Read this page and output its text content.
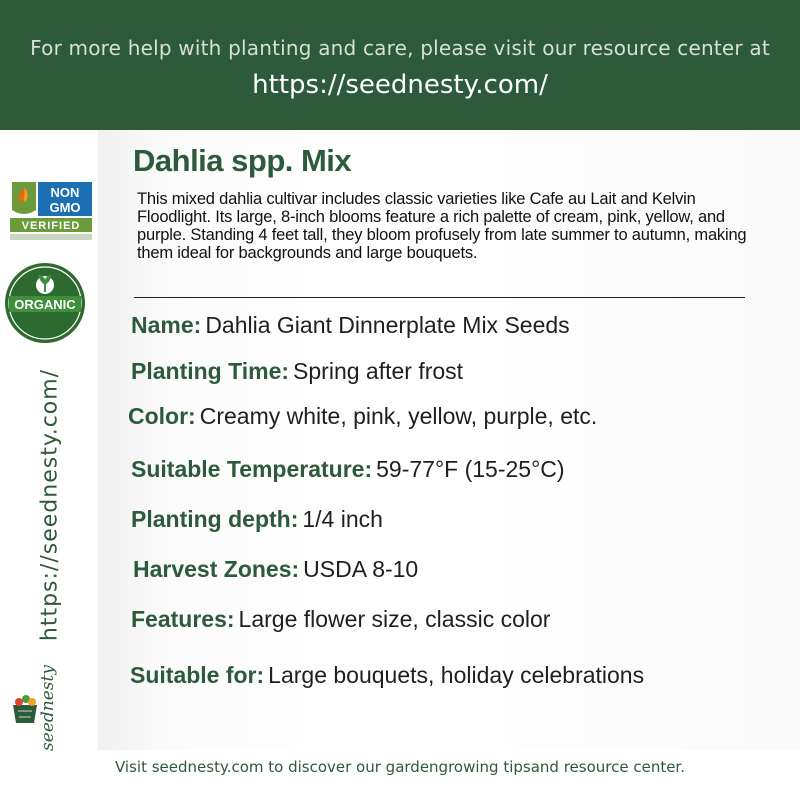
For more help with planting and care, please visit our resource center at
https://seednesty.com/
NON
GMO
VERIFIED
ORGANIC
https://seednesty.com/
seednesty
Dahlia spp. Mix
This mixed dahlia cultivar includes classic varieties like Cafe au Lait and Kelvin Floodlight. Its large, 8-inch blooms feature a rich palette of cream, pink, yellow, and purple. Standing 4 feet tall, they bloom profusely from late summer to autumn, making them ideal for backgrounds and large bouquets.
Name: Dahlia Giant Dinnerplate Mix Seeds
Planting Time: Spring after frost
Color: Creamy white, pink, yellow, purple, etc.
Suitable Temperature: 59-77°F (15-25°C)
Planting depth: 1/4 inch
Harvest Zones: USDA 8-10
Features: Large flower size, classic color
Suitable for: Large bouquets, holiday celebrations
Visit seednesty.com to discover our gardengrowing tipsand resource center.
